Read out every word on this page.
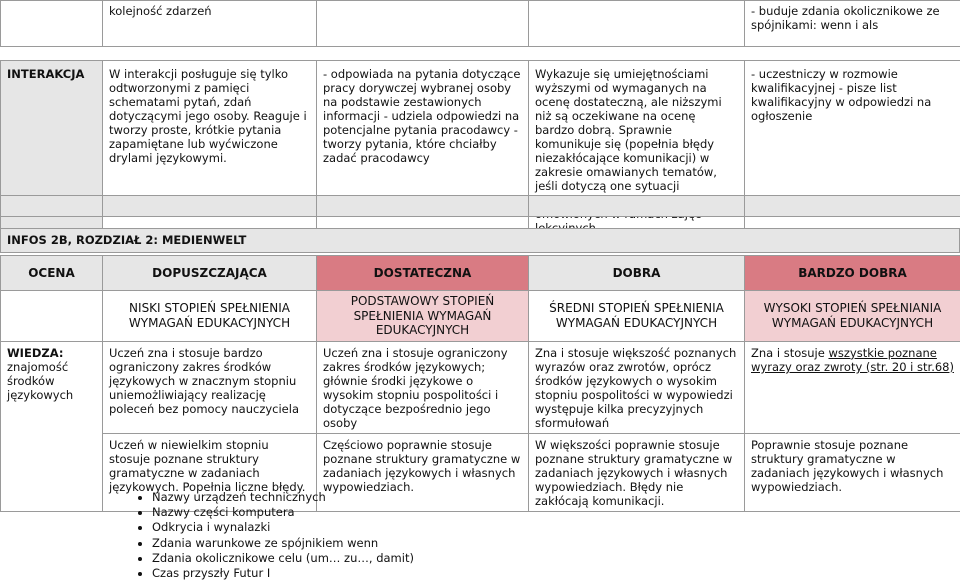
	kolejność zdarzeń			- buduje zdania okolicznikowe ze spójnikami: wenn i als
INTERAKCJA	W interakcji posługuje się tylko odtworzonymi z pamięci schematami pytań, zdań dotyczącymi jego osoby. Reaguje i tworzy proste, krótkie pytania zapamiętane lub wyćwiczone drylami językowymi.	- odpowiada na pytania dotyczące pracy dorywczej wybranej osoby na podstawie zestawionych informacji - udziela odpowiedzi na potencjalne pytania pracodawcy - tworzy pytania, które chciałby zadać pracodawcy	Wykazuje się umiejętnościami wyższymi od wymaganych na ocenę dostateczną, ale niższymi niż są oczekiwane na ocenę bardzo dobrą. Sprawnie komunikuje się (popełnia błędy niezakłócające komunikacji) w zakresie omawianych tematów, jeśli dotyczą one sytuacji	- uczestniczy w rozmowie kwalifikacyjnej - pisze list kwalifikacyjny w odpowiedzi na ogłoszenie

INFOS 2B, ROZDZIAŁ 2: MEDIENWELT
OCENA	DOPUSZCZAJĄCA	DOSTATECZNA	DOBRA	BARDZO DOBRA
	NISKI STOPIEŃ SPEŁNIENIA WYMAGAŃ EDUKACYJNYCH	PODSTAWOWY STOPIEŃ SPEŁNIENIA WYMAGAŃ EDUKACYJNYCH	ŚREDNI STOPIEŃ SPEŁNIENIA WYMAGAŃ EDUKACYJNYCH	WYSOKI STOPIEŃ SPEŁNIANIA WYMAGAŃ EDUKACYJNYCH
WIEDZA:
znajomość środków językowych	Uczeń zna i stosuje bardzo ograniczony zakres środków językowych w znacznym stopniu uniemożliwiający realizację poleceń bez pomocy nauczyciela	Uczeń zna i stosuje ograniczony zakres środków językowych; głównie środki językowe o wysokim stopniu pospolitości i dotyczące bezpośrednio jego osoby	Zna i stosuje większość poznanych wyrazów oraz zwrotów, oprócz środków językowych o wysokim stopniu pospolitości w wypowiedzi występuje kilka precyzyjnych sformułowań	Zna i stosuje wszystkie poznane wyrazy oraz zwroty (str. 20 i str.68)
	Uczeń w niewielkim stopniu stosuje poznane struktury gramatyczne w zadaniach językowych. Popełnia liczne błędy.	Częściowo poprawnie stosuje poznane struktury gramatyczne w zadaniach językowych i własnych wypowiedziach.	W większości poprawnie stosuje poznane struktury gramatyczne w zadaniach językowych i własnych wypowiedziach. Błędy nie zakłócają komunikacji.	Poprawnie stosuje poznane struktury gramatyczne w zadaniach językowych i własnych wypowiedziach.
• Nazwy urządzeń technicznych
• Nazwy części komputera
• Odkrycia i wynalazki
• Zdania warunkowe ze spójnikiem wenn
• Zdania okolicznikowe celu (um… zu…, damit)
• Czas przyszły Futur I
